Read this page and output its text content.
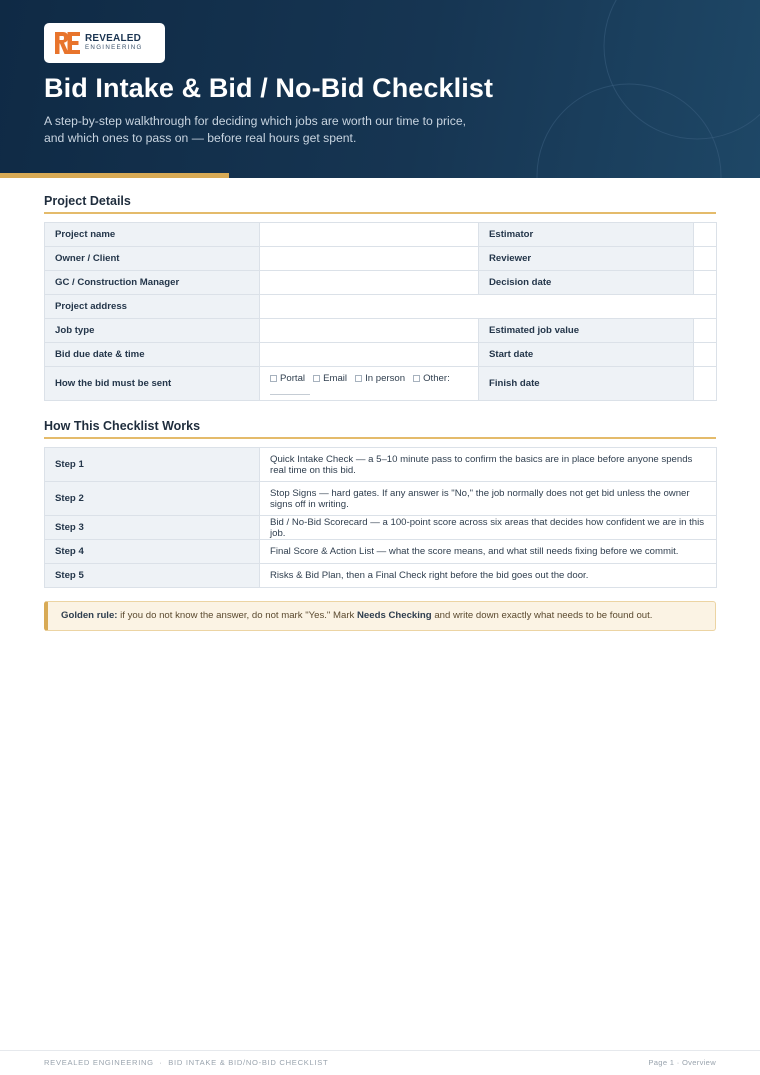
REVEALED
ENGINEERING
Bid Intake & Bid / No-Bid Checklist
A step-by-step walkthrough for deciding which jobs are worth our time to price, and which ones to pass on — before real hours get spent.
Project Details
Project name		Estimator	
Owner / Client		Reviewer	
GC / Construction Manager		Decision date	
Project address			
Job type		Estimated job value	
Bid due date & time		Start date	
How the bid must be sent	Portal Email In person Other:	Finish date	
How This Checklist Works
Step 1	Quick Intake Check — a 5–10 minute pass to confirm the basics are in place before anyone spends real time on this bid.
Step 2	Stop Signs — hard gates. If any answer is "No," the job normally does not get bid unless the owner signs off in writing.
Step 3	Bid / No-Bid Scorecard — a 100-point score across six areas that decides how confident we are in this job.
Step 4	Final Score & Action List — what the score means, and what still needs fixing before we commit.
Step 5	Risks & Bid Plan, then a Final Check right before the bid goes out the door.
Golden rule: if you do not know the answer, do not mark "Yes." Mark Needs Checking and write down exactly what needs to be found out.
REVEALED ENGINEERING  ·  BID INTAKE & BID/NO-BID CHECKLIST	Page 1 · Overview
